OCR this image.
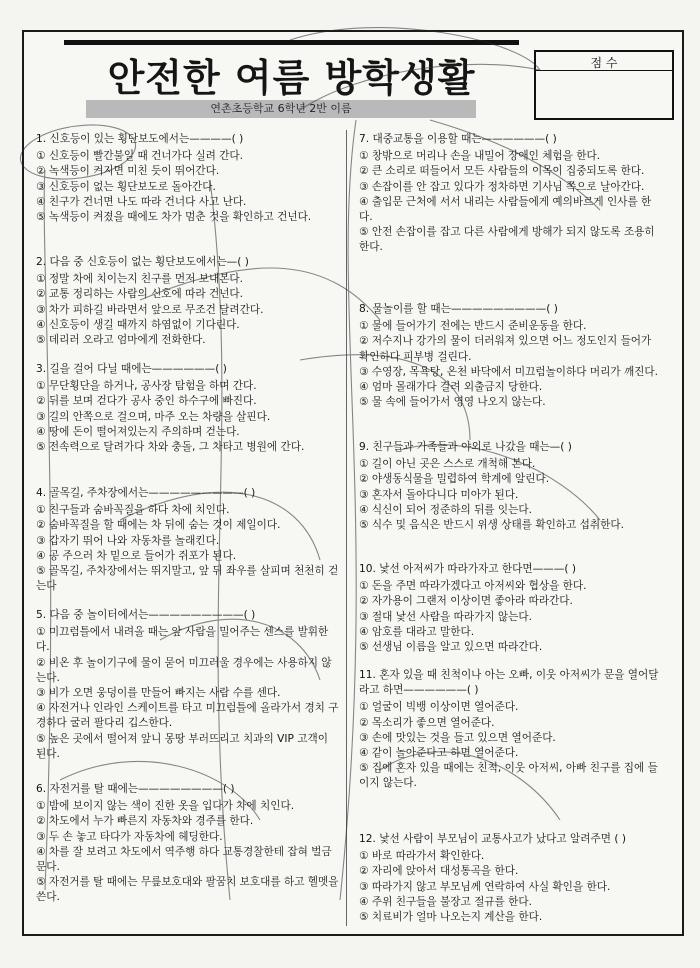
안전한 여름 방학생활
연촌초등학교 6학년 2반 이름
점 수

1. 신호등이 있는 횡단보도에서는————( )

① 신호등이 빨간불일 때 건너가다 실려 간다.

② 녹색등이 켜지면 미친 듯이 뛰어간다.

③ 신호등이 없는 횡단보도로 돌아간다.

④ 친구가 건너면 나도 따라 건너다 사고 난다.

⑤ 녹색등이 켜졌을 때에도 차가 멈춘 것을 확인하고 건넌다.

2. 다음 중 신호등이 없는 횡단보도에서는—( )

① 정말 차에 치이는지 친구를 먼저 보내본다.

② 교통 정리하는 사람의 신호에 따라 건넌다.

③ 차가 피하길 바라면서 앞으로 무조건 달려간다.

④ 신호등이 생길 때까지 하염없이 기다린다.

⑤ 데리러 오라고 엄마에게 전화한다.

3. 길을 걸어 다닐 때에는——————( )

① 무단횡단을 하거나, 공사장 탐험을 하며 간다.

② 뒤를 보며 걷다가 공사 중인 하수구에 빠진다.

③ 길의 안쪽으로 걸으며, 마주 오는 차량을 살핀다.

④ 땅에 돈이 떨어져있는지 주의하며 걷는다.

⑤ 전속력으로 달려가다 차와 충돌, 그 차타고 병원에 간다.

4. 골목길, 주차장에서는—————————( )

① 친구들과 숨바꼭질을 하다 차에 치인다.

② 숨바꼭질을 할 때에는 차 뒤에 숨는 것이 제일이다.

③ 갑자기 뛰어 나와 자동차를 놀래킨다.

④ 공 주으러 차 밑으로 들어가 쥐포가 된다.

⑤ 골목길, 주차장에서는 뛰지말고, 앞 뒤 좌우를 살피며 천천히 걷는다

5. 다음 중 놀이터에서는—————————( )

① 미끄럼틀에서 내려올 때는 앞 사람을 밀어주는 센스를 발휘한다.

② 비온 후 놀이기구에 물이 묻어 미끄러울 경우에는 사용하지 않는다.

③ 비가 오면 웅덩이를 만들어 빠지는 사람 수를 센다.

④ 자전거나 인라인 스케이트를 타고 미끄럼틀에 올라가서 경치 구경하다 굴러 팔다리 깁스한다.

⑤ 높은 곳에서 떨어져 앞니 몽땅 부러뜨리고 치과의 VIP 고객이 된다.

6. 자전거를 탈 때에는————————( )

① 밤에 보이지 않는 색이 진한 옷을 입다가 차에 치인다.

② 차도에서 누가 빠른지 자동차와 경주를 한다.

③ 두 손 놓고 타다가 자동차에 헤딩한다.

④ 차를 잘 보려고 차도에서 역주행 하다 교통경찰한테 잡혀 벌금 문다.

⑤ 자전거를 탈 때에는 무릎보호대와 팔꿈치 보호대를 하고 헬멧을 쓴다.

7. 대중교통을 이용할 때는——————( )

① 창밖으로 머리나 손을 내밀어 장애인 체험을 한다.

② 큰 소리로 떠들어서 모든 사람들의 이목이 집중되도록 한다.

③ 손잡이를 안 잡고 있다가 정차하면 기사님 쪽으로 날아간다.

④ 출입문 근처에 서서 내리는 사람들에게 예의바르게 인사를 한다.

⑤ 안전 손잡이를 잡고 다른 사람에게 방해가 되지 않도록 조용히 한다.

8. 물놀이를 할 때는—————————( )

① 물에 들어가기 전에는 반드시 준비운동을 한다.

② 저수지나 강가의 물이 더러워져 있으면 어느 정도인지 들어가 확인하다 피부병 걸린다.

③ 수영장, 목욕탕, 온천 바닥에서 미끄럼놀이하다 머리가 깨진다.

④ 엄마 몰래가다 걸려 외출금지 당한다.

⑤ 물 속에 들어가서 영영 나오지 않는다.

9. 친구들과 가족들과 야외로 나갔을 때는—( )

① 길이 아닌 곳은 스스로 개척해 본다.

② 야생동식물을 밀렵하여 학계에 알린다.

③ 혼자서 돌아다니다 미아가 된다.

④ 식신이 되어 정준하의 뒤를 잇는다.

⑤ 식수 및 음식은 반드시 위생 상태를 확인하고 섭취한다.

10. 낯선 아저씨가 따라가자고 한다면———( )

① 돈을 주면 따라가겠다고 아저씨와 협상을 한다.

② 자가용이 그랜저 이상이면 좋아라 따라간다.

③ 절대 낯선 사람을 따라가지 않는다.

④ 암호를 대라고 말한다.

⑤ 선생님 이름을 알고 있으면 따라간다.

11. 혼자 있을 때 친척이나 아는 오빠, 이웃 아저씨가 문을 열어달라고 하면——————( )

① 얼굴이 빅뱅 이상이면 열어준다.

② 목소리가 좋으면 열어준다.

③ 손에 맛있는 것을 들고 있으면 열어준다.

④ 같이 놀아준다고 하면 열어준다.

⑤ 집에 혼자 있을 때에는 친척, 이웃 아저씨, 아빠 친구를 집에 들이지 않는다.

12. 낯선 사람이 부모님이 교통사고가 났다고 알려주면 ( )

① 바로 따라가서 확인한다.

② 자리에 앉아서 대성통곡을 한다.

③ 따라가지 않고 부모님께 연락하여 사실 확인을 한다.

④ 주위 친구들을 불장고 절규를 한다.

⑤ 치료비가 얼마 나오는지 계산을 한다.
